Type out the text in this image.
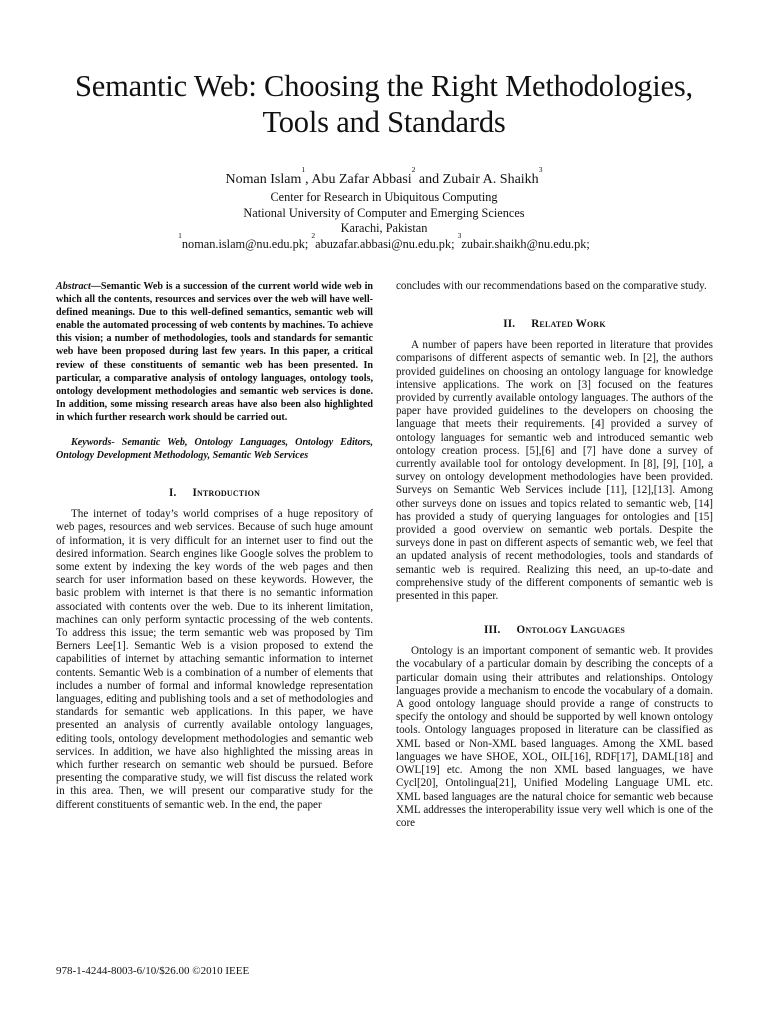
Semantic Web: Choosing the Right Methodologies,
Tools and Standards
Noman Islam$^1$, Abu Zafar Abbasi$^2$ and Zubair A. Shaikh$^3$
Center for Research in Ubiquitous Computing
National University of Computer and Emerging Sciences
Karachi, Pakistan
$^1$noman.islam@nu.edu.pk; $^2$abuzafar.abbasi@nu.edu.pk; $^3$zubair.shaikh@nu.edu.pk;

Abstract—Semantic Web is a succession of the current world wide web in which all the contents, resources and services over the web will have well-defined meanings. Due to this well-defined semantics, semantic web will enable the automated processing of web contents by machines. To achieve this vision; a number of methodologies, tools and standards for semantic web have been proposed during last few years. In this paper, a critical review of these constituents of semantic web has been presented. In particular, a comparative analysis of ontology languages, ontology tools, ontology development methodologies and semantic web services is done. In addition, some missing research areas have also been also highlighted in which further research work should be carried out.

Keywords- Semantic Web, Ontology Languages, Ontology Editors, Ontology Development Methodology, Semantic Web Services

I. Introduction

The internet of today’s world comprises of a huge repository of web pages, resources and web services. Because of such huge amount of information, it is very difficult for an internet user to find out the desired information. Search engines like Google solves the problem to some extent by indexing the key words of the web pages and then search for user information based on these keywords. However, the basic problem with internet is that there is no semantic information associated with contents over the web. Due to its inherent limitation, machines can only perform syntactic processing of the web contents. To address this issue; the term semantic web was proposed by Tim Berners Lee[1]. Semantic Web is a vision proposed to extend the capabilities of internet by attaching semantic information to internet contents. Semantic Web is a combination of a number of elements that includes a number of formal and informal knowledge representation languages, editing and publishing tools and a set of methodologies and standards for semantic web applications. In this paper, we have presented an analysis of currently available ontology languages, editing tools, ontology development methodologies and semantic web services. In addition, we have also highlighted the missing areas in which further research on semantic web should be pursued. Before presenting the comparative study, we will fist discuss the related work in this area. Then, we will present our comparative study for the different constituents of semantic web. In the end, the paper

concludes with our recommendations based on the comparative study.

II. Related Work

A number of papers have been reported in literature that provides comparisons of different aspects of semantic web. In [2], the authors provided guidelines on choosing an ontology language for knowledge intensive applications. The work on [3] focused on the features provided by currently available ontology languages. The authors of the paper have provided guidelines to the developers on choosing the language that meets their requirements. [4] provided a survey of ontology languages for semantic web and introduced semantic web ontology creation process. [5],[6] and [7] have done a survey of currently available tool for ontology development. In [8], [9], [10], a survey on ontology development methodologies have been provided. Surveys on Semantic Web Services include [11], [12],[13]. Among other surveys done on issues and topics related to semantic web, [14] has provided a study of querying languages for ontologies and [15] provided a good overview on semantic web portals. Despite the surveys done in past on different aspects of semantic web, we feel that an updated analysis of recent methodologies, tools and standards of semantic web is required. Realizing this need, an up-to-date and comprehensive study of the different components of semantic web is presented in this paper.

III. Ontology Languages

Ontology is an important component of semantic web. It provides the vocabulary of a particular domain by describing the concepts of a particular domain using their attributes and relationships. Ontology languages provide a mechanism to encode the vocabulary of a domain. A good ontology language should provide a range of constructs to specify the ontology and should be supported by well known ontology tools. Ontology languages proposed in literature can be classified as XML based or Non-XML based languages. Among the XML based languages we have SHOE, XOL, OIL[16], RDF[17], DAML[18] and OWL[19] etc. Among the non XML based languages, we have Cycl[20], Ontolingua[21], Unified Modeling Language UML etc. XML based languages are the natural choice for semantic web because XML addresses the interoperability issue very well which is one of the core

978-1-4244-8003-6/10/$26.00 ©2010 IEEE
